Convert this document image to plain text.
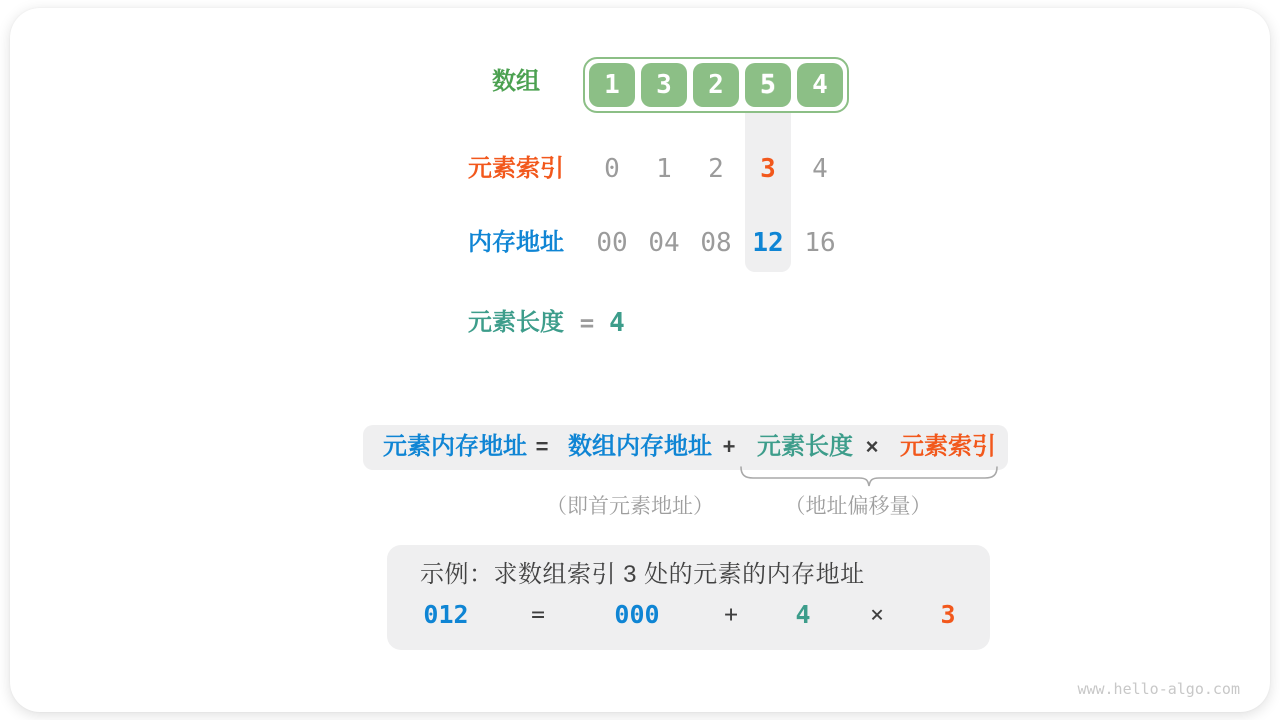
数组	1	3	2	5	4
元素索引	0	1	2	3	4
内存地址	00 04 08 12 16
元素长度 = 4
元素内存地址 = 数组内存地址 + 元素长度 × 元素索引
（即首元素地址）	（地址偏移量）
示例：求数组索引 3 处的元素的内存地址
012	=	000	+	4	×	3
www.hello-algo.com
